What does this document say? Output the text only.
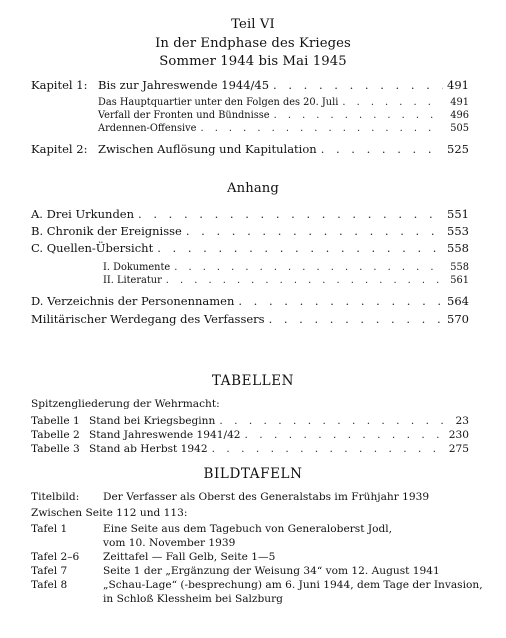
Teil VI
In der Endphase des Krieges
Sommer 1944 bis Mai 1945
Kapitel 1: Bis zur Jahreswende 1944/45 . . .	491
Das Hauptquartier unter den Folgen des 20. Juli . . .	491
Verfall der Fronten und Bündnisse . . .	496
Ardennen-Offensive . . .	505
Kapitel 2: Zwischen Auflösung und Kapitulation . . .	525
Anhang
A. Drei Urkunden . . .	551
B. Chronik der Ereignisse . . .	553
C. Quellen-Übersicht . . .	558
I. Dokumente . . .	558
II. Literatur . . .	561
D. Verzeichnis der Personennamen . . .	564
Militärischer Werdegang des Verfassers . . .	570
TABELLEN
Spitzengliederung der Wehrmacht:
Tabelle 1 Stand bei Kriegsbeginn . . .	23
Tabelle 2 Stand Jahreswende 1941/42 . . .	230
Tabelle 3 Stand ab Herbst 1942 . . .	275
BILDTAFELN
Titelbild: Der Verfasser als Oberst des Generalstabs im Frühjahr 1939
Zwischen Seite 112 und 113:
Tafel 1	Eine Seite aus dem Tagebuch von Generaloberst Jodl,
vom 10. November 1939
Tafel 2–6 Zeittafel — Fall Gelb, Seite 1—5
Tafel 7	Seite 1 der „Ergänzung der Weisung 34“ vom 12. August 1941
Tafel 8	„Schau-Lage“ (-besprechung) am 6. Juni 1944, dem Tage der Invasion,
in Schloß Klessheim bei Salzburg
